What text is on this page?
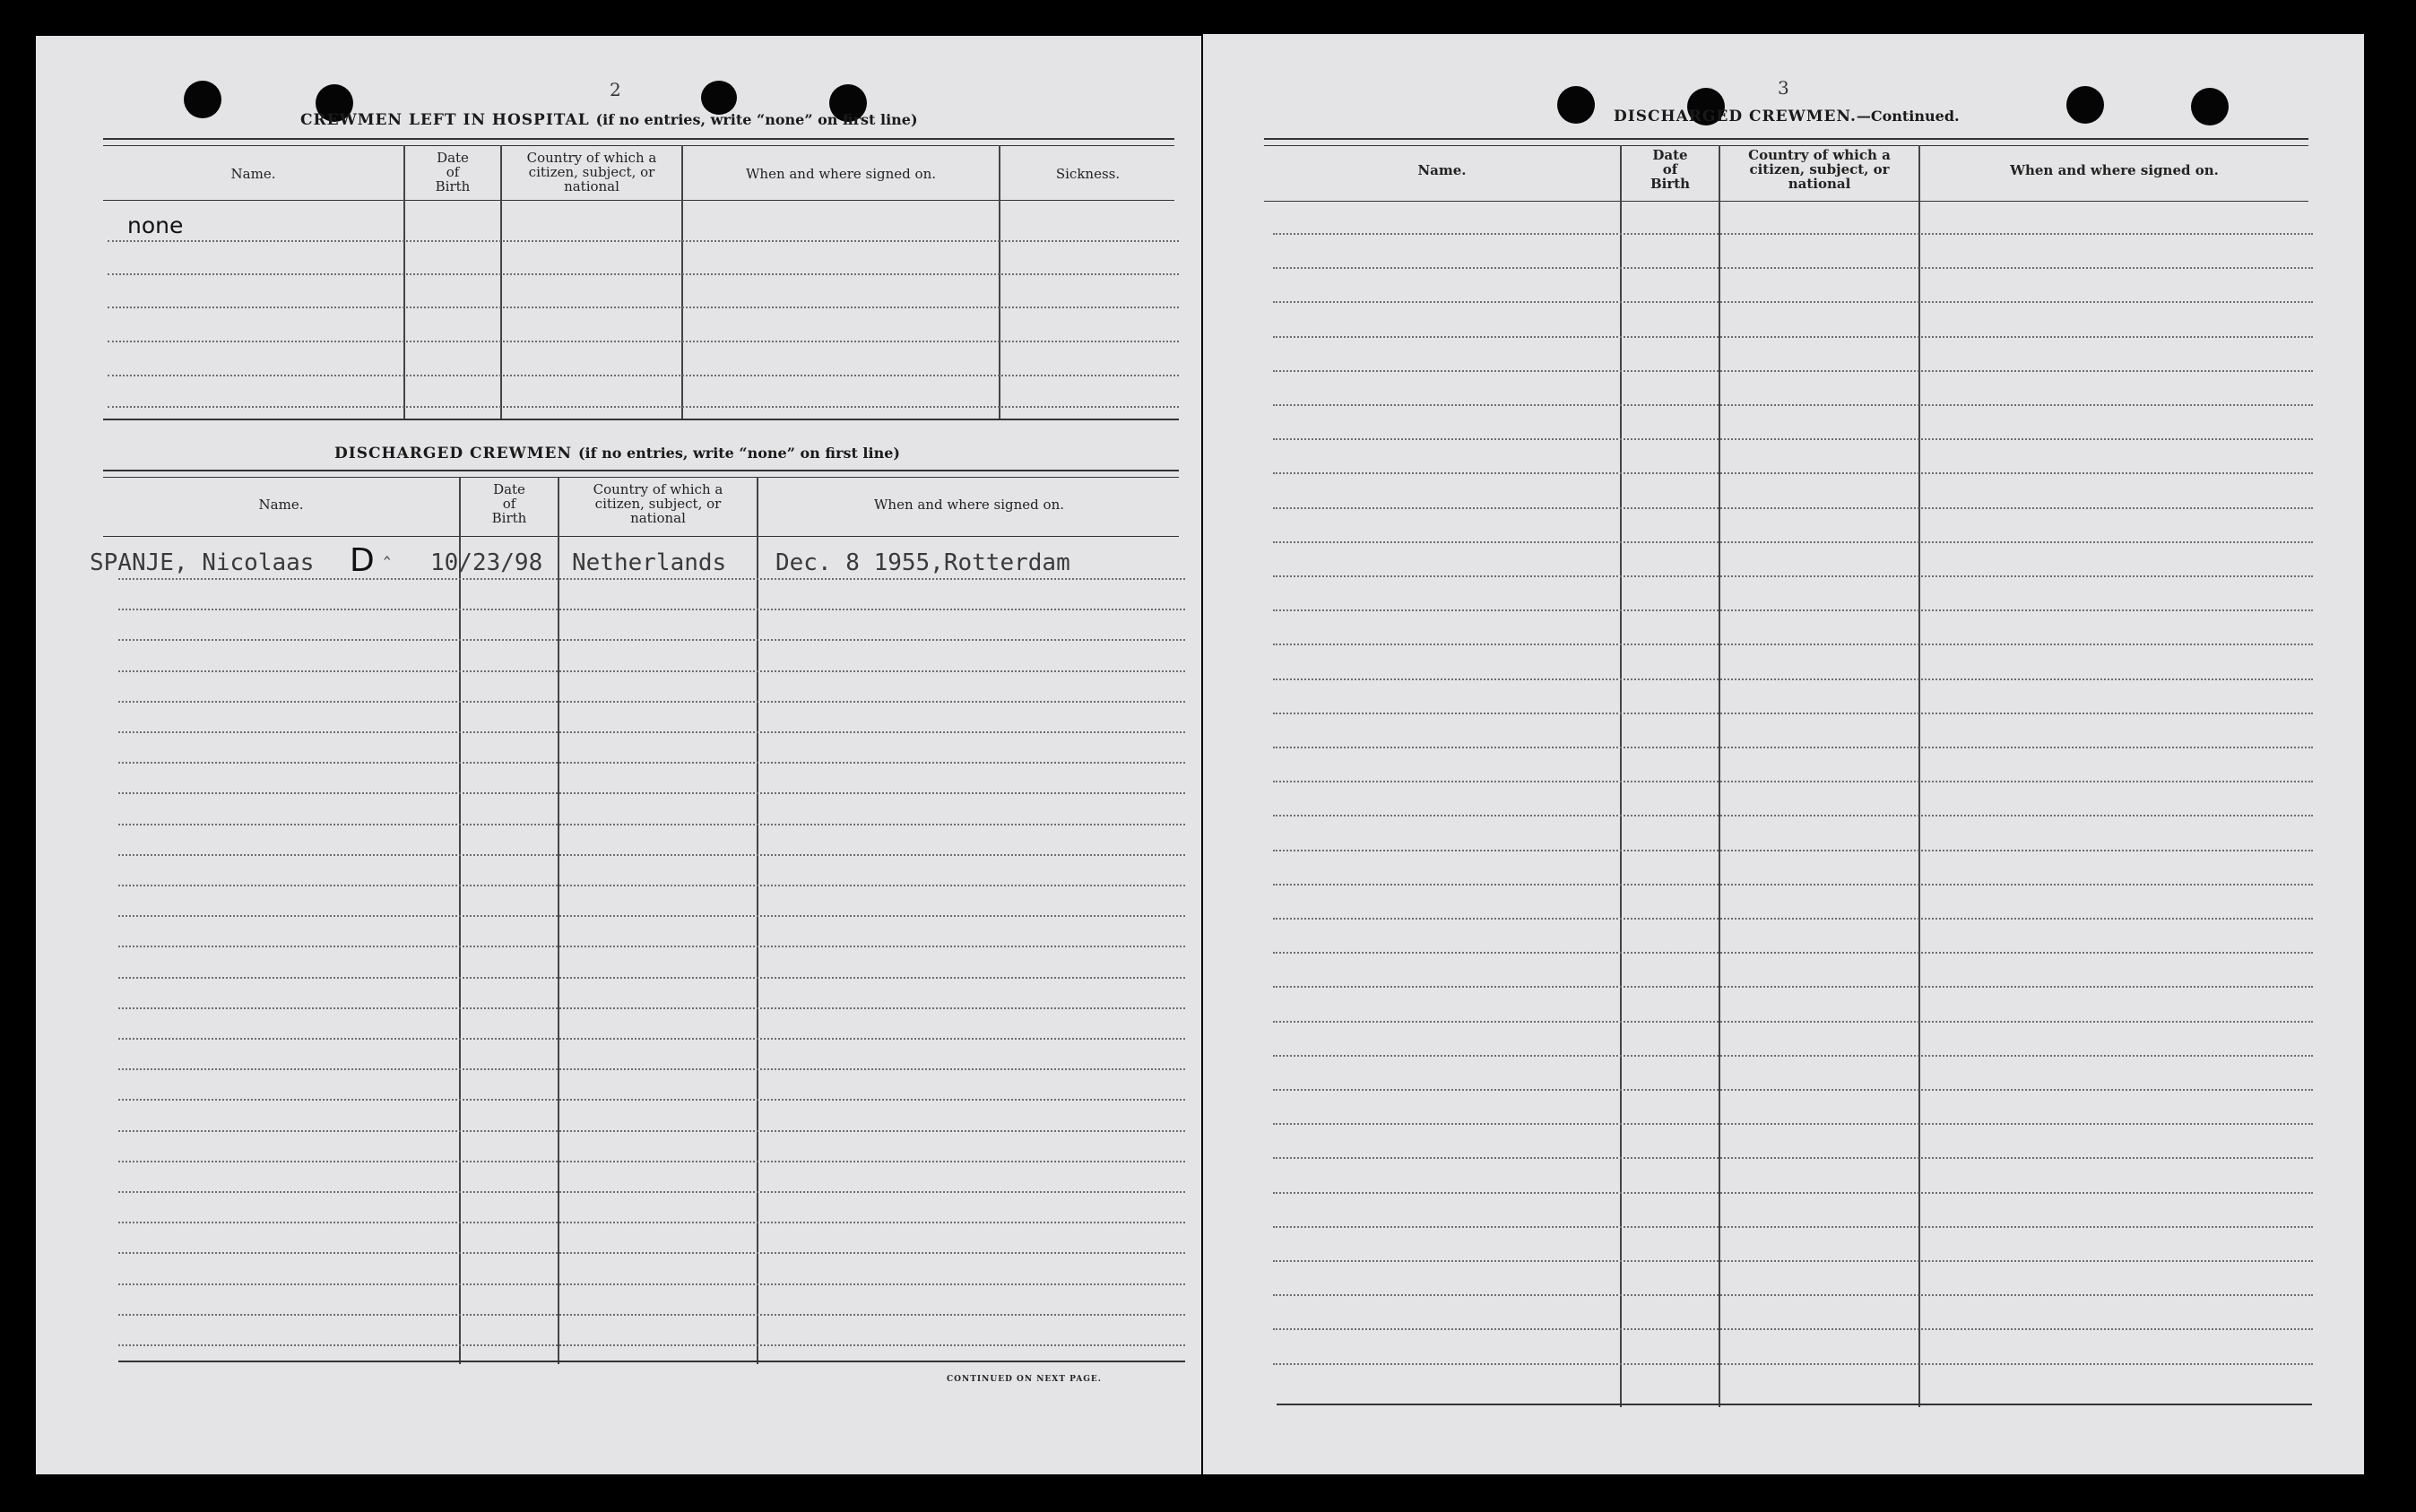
2
CREWMEN LEFT IN HOSPITAL (if no entries, write “none” on first line)
Name.
Date
of
Birth
Country of which a
citizen, subject, or
national
When and where signed on.	Sickness.
none
DISCHARGED CREWMEN (if no entries, write “none” on first line)
Name.
Date
of
Birth
Country of which a
citizen, subject, or
national
When and where signed on.
SPANJE, Nicolaas D ‸
10/23/98 Netherlands Dec. 8 1955,Rotterdam
CONTINUED ON NEXT PAGE.
3
DISCHARGED CREWMEN.—Continued.
Name.
Date
of
Birth
Country of which a
citizen, subject, or
national
When and where signed on.
